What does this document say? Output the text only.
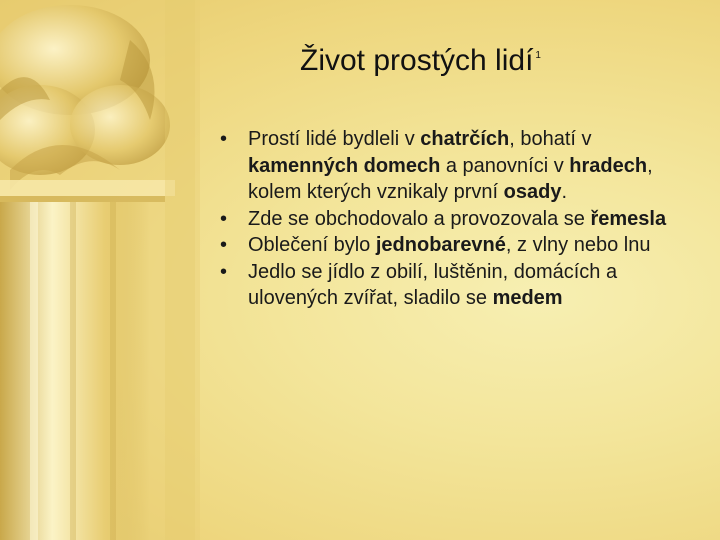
Život prostých lidí $^1$

• Prostí lidé bydleli v chatrčích, bohatí v kamenných domech a panovníci v hradech, kolem kterých vznikaly první osady.

• Zde se obchodovalo a provozovala se řemesla

• Oblečení bylo jednobarevné, z vlny nebo lnu

• Jedlo se jídlo z obilí, luštěnin, domácích a ulovených zvířat, sladilo se medem
